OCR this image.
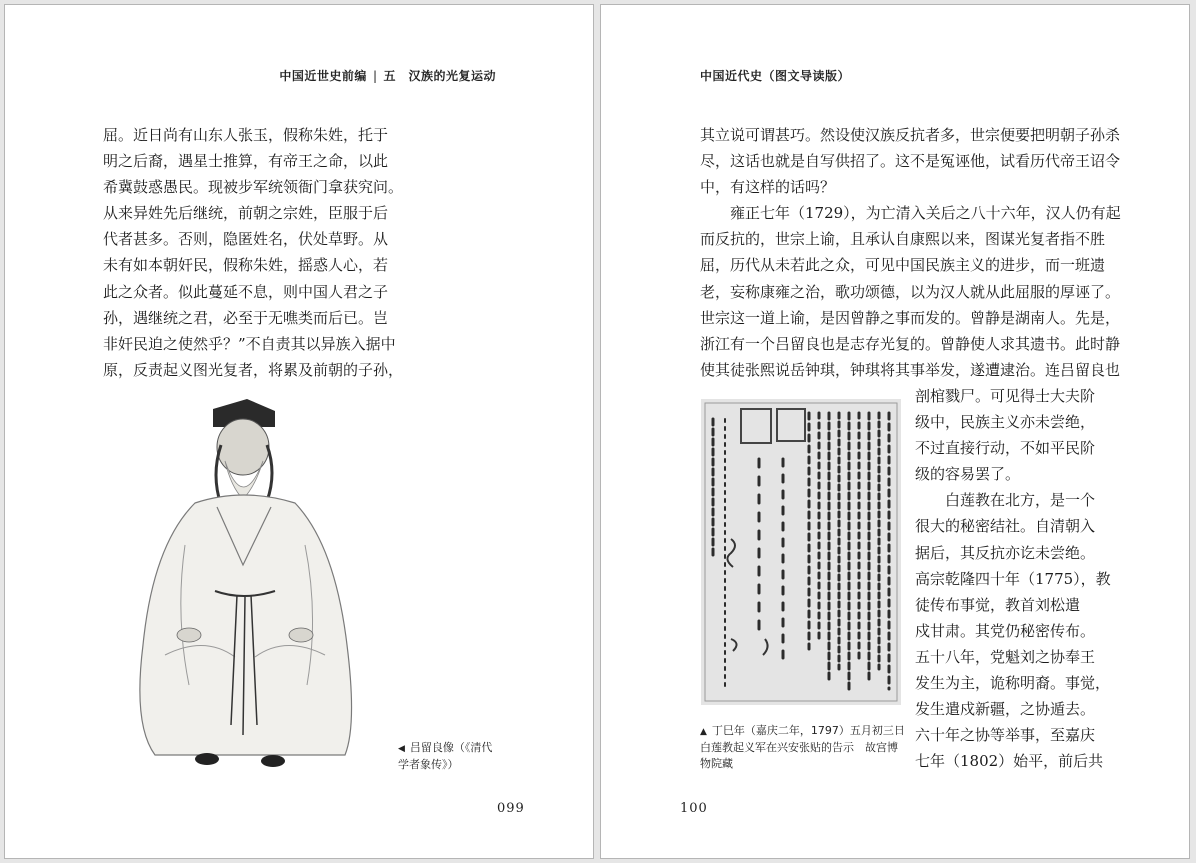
中国近世史前编 | 五　汉族的光复运动
屈。近日尚有山东人张玉，假称朱姓，托于
明之后裔，遇星士推算，有帝王之命，以此
希冀鼓惑愚民。现被步军统领衙门拿获究问。
从来异姓先后继统，前朝之宗姓，臣服于后
代者甚多。否则，隐匿姓名，伏处草野。从
未有如本朝奸民，假称朱姓，摇惑人心，若
此之众者。似此蔓延不息，则中国人君之子
孙，遇继统之君，必至于无噍类而后已。岂
非奸民迫之使然乎？”不自责其以异族入据中
原，反责起义图光复者，将累及前朝的子孙，
◀ 吕留良像（《清代
学者象传》）
099
中国近代史（图文导读版）
其立说可谓甚巧。然设使汉族反抗者多，世宗便要把明朝子孙杀
尽，这话也就是自写供招了。这不是冤诬他，试看历代帝王诏令
中，有这样的话吗？
　　雍正七年（1729），为亡清入关后之八十六年，汉人仍有起
而反抗的，世宗上谕，且承认自康熙以来，图谋光复者指不胜
屈，历代从未若此之众，可见中国民族主义的进步，而一班遗
老，妄称康雍之治，歌功颂德，以为汉人就从此屈服的厚诬了。
世宗这一道上谕，是因曾静之事而发的。曾静是湖南人。先是，
浙江有一个吕留良也是志存光复的。曾静使人求其遗书。此时静
使其徒张熙说岳钟琪，钟琪将其事举发，遂遭逮治。连吕留良也
剖棺戮尸。可见得士大夫阶
级中，民族主义亦未尝绝，
不过直接行动，不如平民阶
级的容易罢了。
　　白莲教在北方，是一个
很大的秘密结社。自清朝入
据后，其反抗亦讫未尝绝。
高宗乾隆四十年（1775），教
徒传布事觉，教首刘松遣
戍甘肃。其党仍秘密传布。
五十八年，党魁刘之协奉王
发生为主，诡称明裔。事觉，
发生遣戍新疆，之协遁去。
六十年之协等举事，至嘉庆
七年（1802）始平，前后共
▲ 丁巳年（嘉庆二年，1797）五月初三日
白莲教起义军在兴安张贴的告示　故宫博
物院藏
100
